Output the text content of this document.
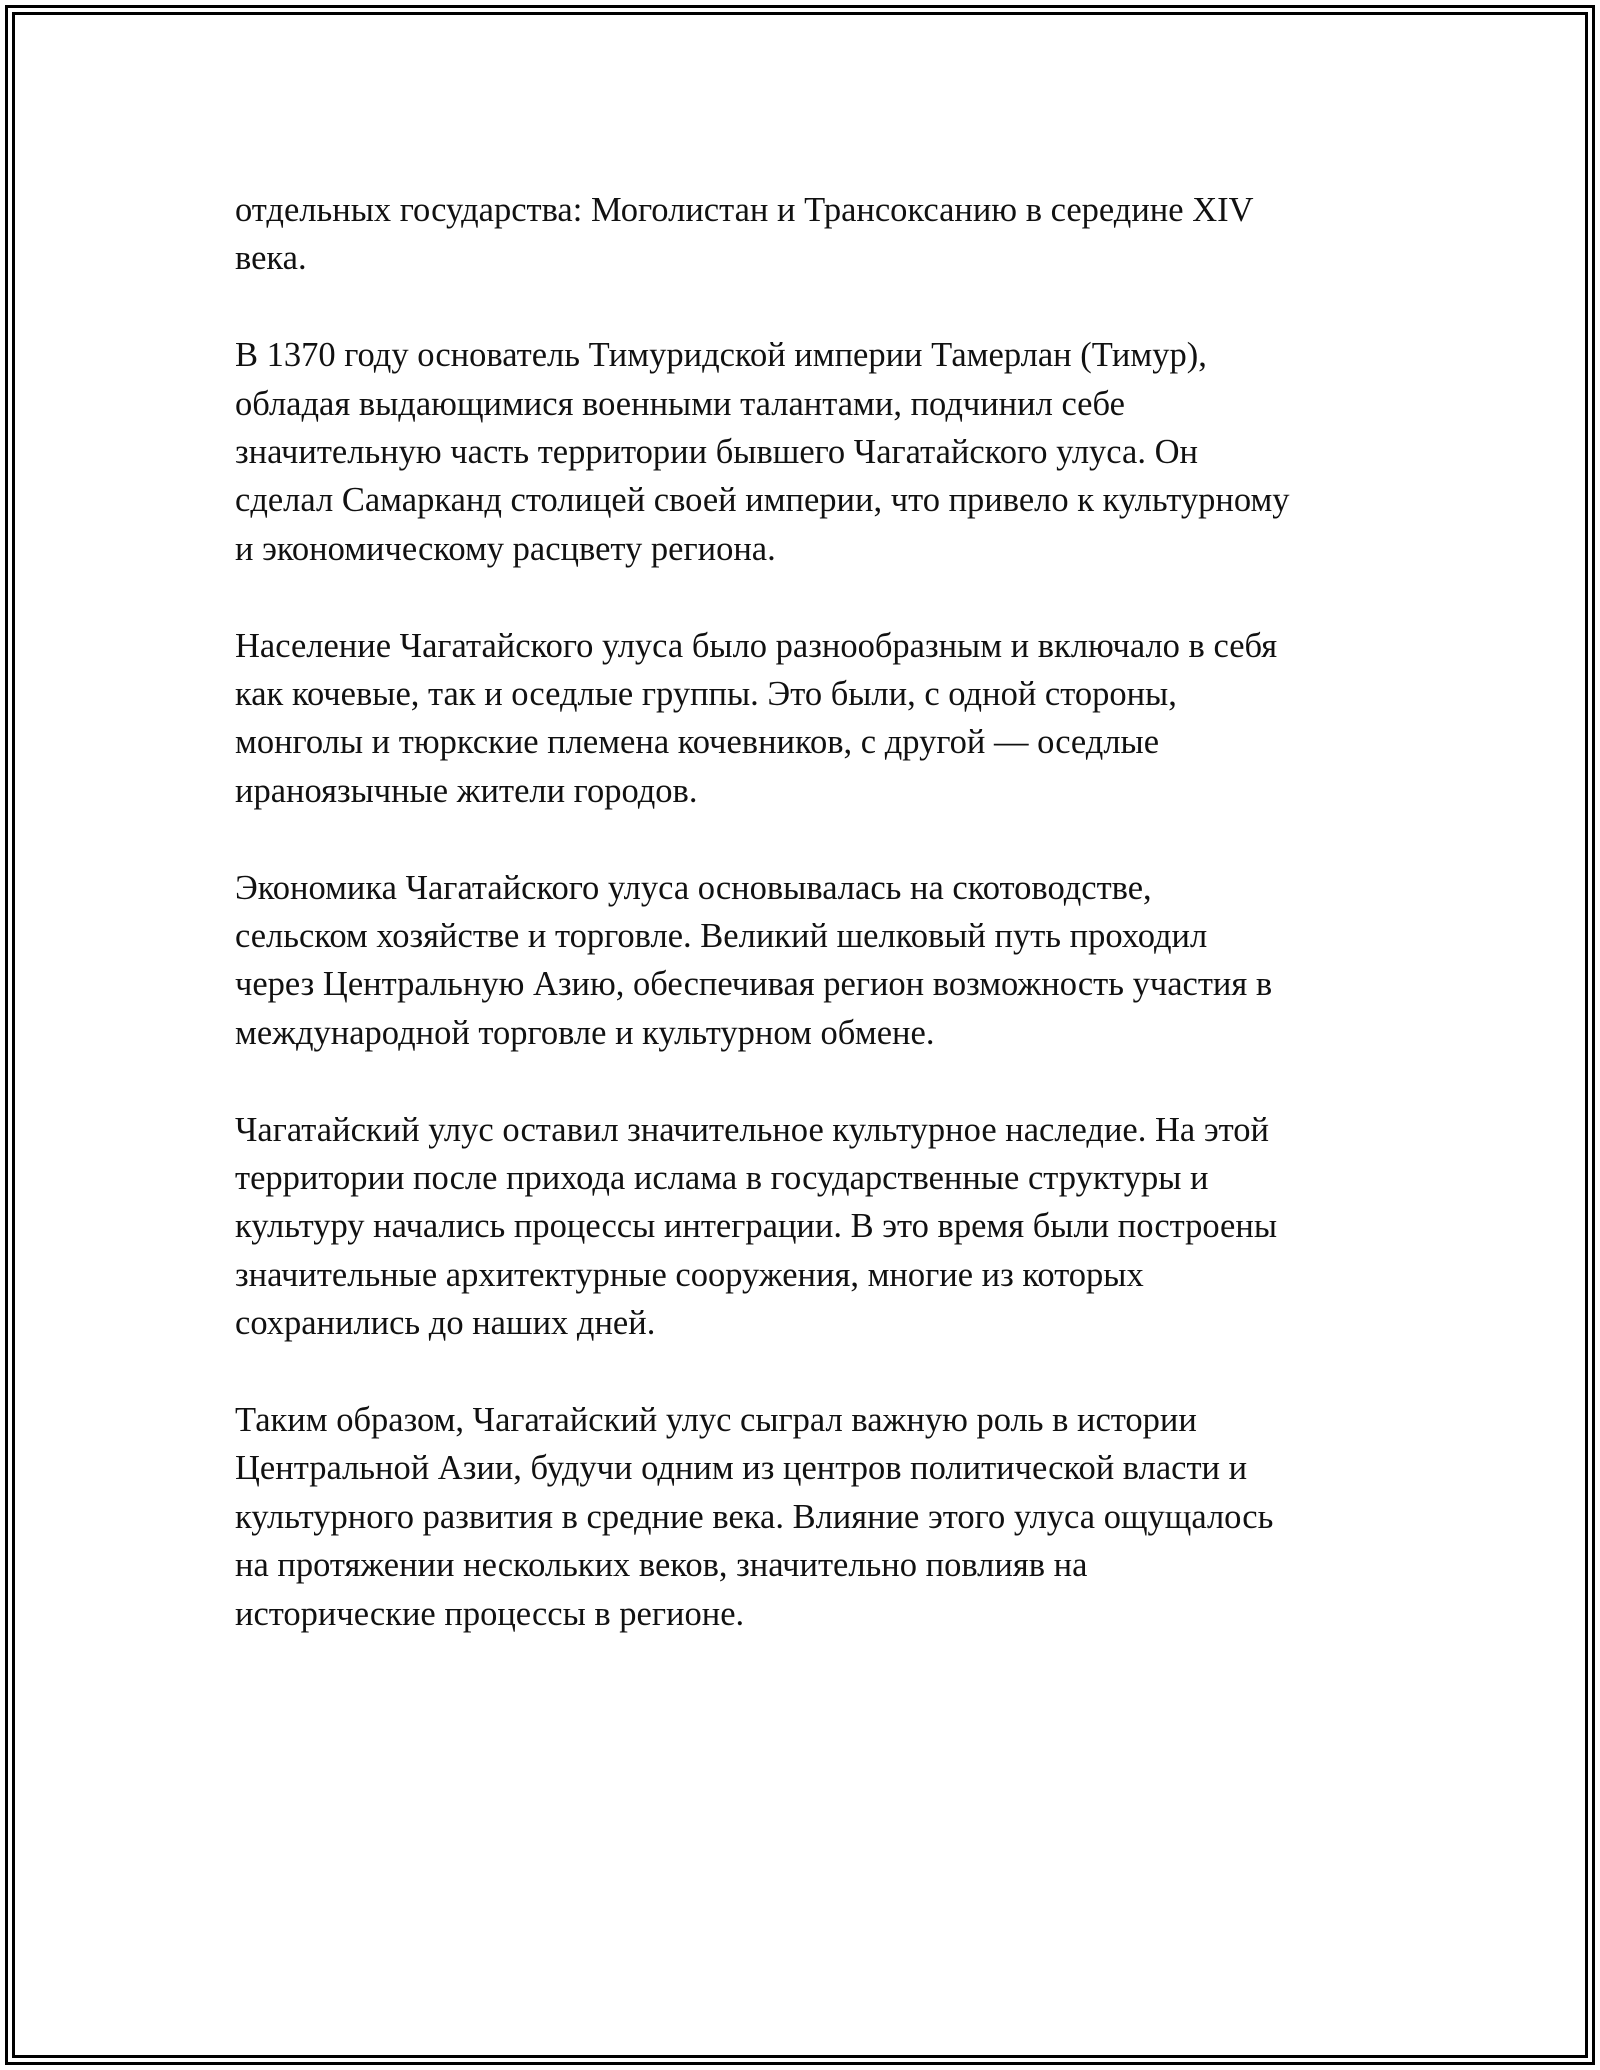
отдельных государства: Моголистан и Трансоксанию в середине XIV
века.

В 1370 году основатель Тимуридской империи Тамерлан (Тимур),
обладая выдающимися военными талантами, подчинил себе
значительную часть территории бывшего Чагатайского улуса. Он
сделал Самарканд столицей своей империи, что привело к культурному
и экономическому расцвету региона.

Население Чагатайского улуса было разнообразным и включало в себя
как кочевые, так и оседлые группы. Это были, с одной стороны,
монголы и тюркские племена кочевников, с другой — оседлые
ираноязычные жители городов.

Экономика Чагатайского улуса основывалась на скотоводстве,
сельском хозяйстве и торговле. Великий шелковый путь проходил
через Центральную Азию, обеспечивая регион возможность участия в
международной торговле и культурном обмене.

Чагатайский улус оставил значительное культурное наследие. На этой
территории после прихода ислама в государственные структуры и
культуру начались процессы интеграции. В это время были построены
значительные архитектурные сооружения, многие из которых
сохранились до наших дней.

Таким образом, Чагатайский улус сыграл важную роль в истории
Центральной Азии, будучи одним из центров политической власти и
культурного развития в средние века. Влияние этого улуса ощущалось
на протяжении нескольких веков, значительно повлияв на
исторические процессы в регионе.
